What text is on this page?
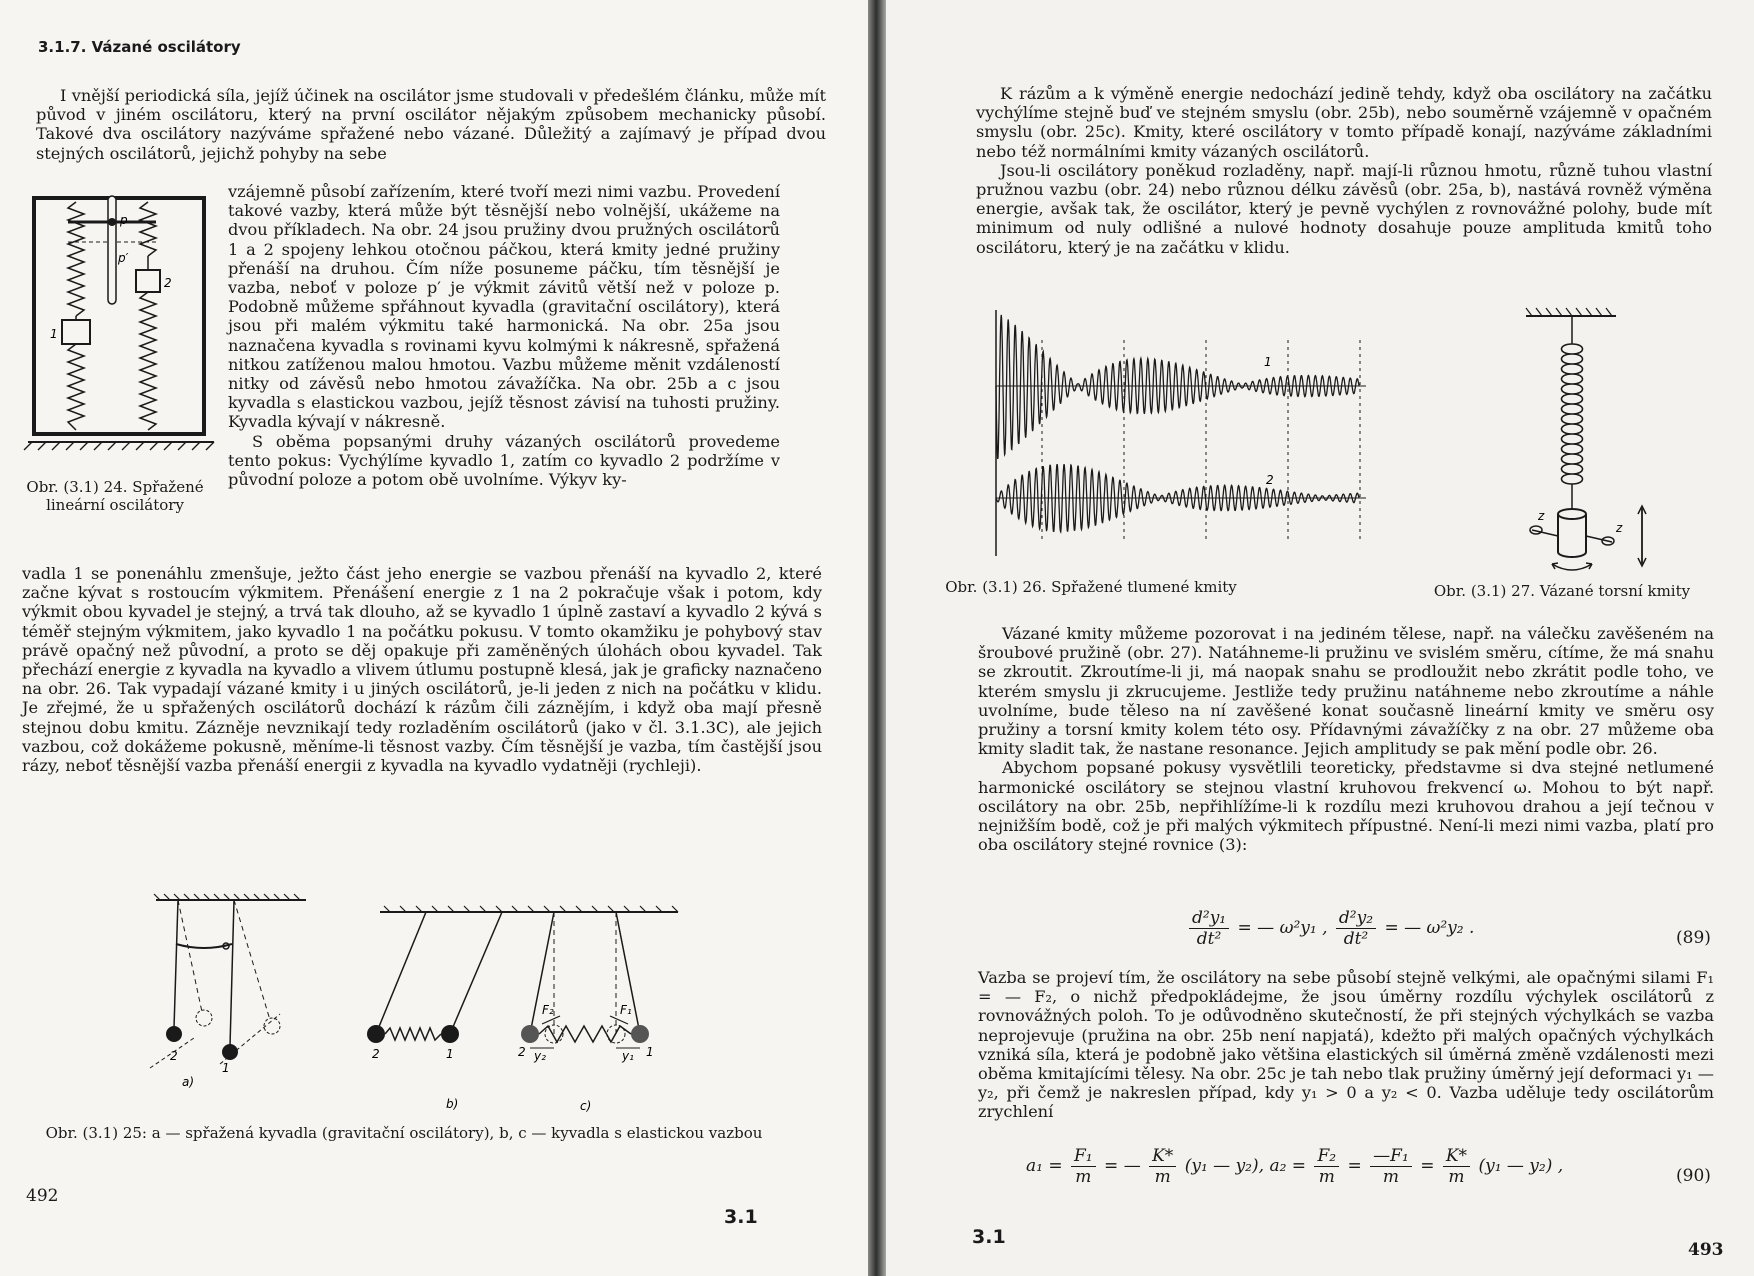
3.1.7. Vázané oscilátory

I vnější periodická síla, jejíž účinek na oscilátor jsme studovali v předešlém článku, může mít původ v jiném oscilátoru, který na první oscilátor nějakým způsobem mechanicky působí. Takové dva oscilátory nazýváme spřažené nebo vázané. Důležitý a zajímavý je případ dvou stejných oscilátorů, jejichž pohyby na sebe

p
p′
2
1
Obr. (3.1) 24. Spřažené lineární oscilátory

vzájemně působí zařízením, které tvoří mezi nimi vazbu. Provedení takové vazby, která může být těsnější nebo volnější, ukážeme na dvou příkladech. Na obr. 24 jsou pružiny dvou pružných oscilátorů 1 a 2 spojeny lehkou otočnou páčkou, která kmity jedné pružiny přenáší na druhou. Čím níže posuneme páčku, tím těsnější je vazba, neboť v poloze p′ je výkmit závitů větší než v poloze p. Podobně můžeme spřáhnout kyvadla (gravitační oscilátory), která jsou při malém výkmitu také harmonická. Na obr. 25a jsou naznačena kyvadla s rovinami kyvu kolmými k nákresně, spřažená nitkou zatíženou malou hmotou. Vazbu můžeme měnit vzdáleností nitky od závěsů nebo hmotou závažíčka. Na obr. 25b a c jsou kyvadla s elastickou vazbou, jejíž těsnost závisí na tuhosti pružiny. Kyvadla kývají v nákresně.

S oběma popsanými druhy vázaných oscilátorů provedeme tento pokus: Vychýlíme kyvadlo 1, zatím co kyvadlo 2 podržíme v původní poloze a potom obě uvolníme. Výkyv ky-

vadla 1 se ponenáhlu zmenšuje, ježto část jeho energie se vazbou přenáší na kyvadlo 2, které začne kývat s rostoucím výkmitem. Přenášení energie z 1 na 2 pokračuje však i potom, kdy výkmit obou kyvadel je stejný, a trvá tak dlouho, až se kyvadlo 1 úplně zastaví a kyvadlo 2 kývá s téměř stejným výkmitem, jako kyvadlo 1 na počátku pokusu. V tomto okamžiku je pohybový stav právě opačný než původní, a proto se děj opakuje při zaměněných úlohách obou kyvadel. Tak přechází energie z kyvadla na kyvadlo a vlivem útlumu postupně klesá, jak je graficky naznačeno na obr. 26. Tak vypadají vázané kmity i u jiných oscilátorů, je-li jeden z nich na počátku v klidu. Je zřejmé, že u spřažených oscilátorů dochází k rázům čili záznějím, i když oba mají přesně stejnou dobu kmitu. Zázněje nevznikají tedy rozladěním oscilátorů (jako v čl. 3.1.3C), ale jejich vazbou, což dokážeme pokusně, měníme-li těsnost vazby. Čím těsnější je vazba, tím častější jsou rázy, neboť těsnější vazba přenáší energii z kyvadla na kyvadlo vydatněji (rychleji).

2
1
a)
2	1
b)
F₂	F₁
y₂	y₁
2	1
c)
Obr. (3.1) 25: a — spřažená kyvadla (gravitační oscilátory), b, c — kyvadla s elastickou vazbou
492
3.1

K rázům a k výměně energie nedochází jedině tehdy, když oba oscilátory na začátku vychýlíme stejně buď ve stejném smyslu (obr. 25b), nebo souměrně vzájemně v opačném smyslu (obr. 25c). Kmity, které oscilátory v tomto případě konají, nazýváme základními nebo též normálními kmity vázaných oscilátorů.

Jsou-li oscilátory poněkud rozladěny, např. mají-li různou hmotu, různě tuhou vlastní pružnou vazbu (obr. 24) nebo různou délku závěsů (obr. 25a, b), nastává rovněž výměna energie, avšak tak, že oscilátor, který je pevně vychýlen z rovnovážné polohy, bude mít minimum od nuly odlišné a nulové hodnoty dosahuje pouze amplituda kmitů toho oscilátoru, který je na začátku v klidu.

1
2
z
z
Obr. (3.1) 26. Spřažené tlumené kmity	Obr. (3.1) 27. Vázané torsní kmity

Vázané kmity můžeme pozorovat i na jediném tělese, např. na válečku zavěšeném na šroubové pružině (obr. 27). Natáhneme-li pružinu ve svislém směru, cítíme, že má snahu se zkroutit. Zkroutíme-li ji, má naopak snahu se prodloužit nebo zkrátit podle toho, ve kterém smyslu ji zkrucujeme. Jestliže tedy pružinu natáhneme nebo zkroutíme a náhle uvolníme, bude těleso na ní zavěšené konat současně lineární kmity ve směru osy pružiny a torsní kmity kolem této osy. Přídavnými závažíčky z na obr. 27 můžeme oba kmity sladit tak, že nastane resonance. Jejich amplitudy se pak mění podle obr. 26.

Abychom popsané pokusy vysvětlili teoreticky, představme si dva stejné netlumené harmonické oscilátory se stejnou vlastní kruhovou frekvencí ω. Mohou to být např. oscilátory na obr. 25b, nepřihlížíme-li k rozdílu mezi kruhovou drahou a její tečnou v nejnižším bodě, což je při malých výkmitech přípustné. Není-li mezi nimi vazba, platí pro oba oscilátory stejné rovnice (3):

$\frac{\text{d²y₁}}{\text{dt²}}$ = — ω²y₁ , $\frac{\text{d²y₂}}{\text{dt²}}$ = — ω²y₂ .	(89)

Vazba se projeví tím, že oscilátory na sebe působí stejně velkými, ale opačnými silami F₁ = — F₂, o nichž předpokládejme, že jsou úměrny rozdílu výchylek oscilátorů z rovnovážných poloh. To je odůvodněno skutečností, že při stejných výchylkách se vazba neprojevuje (pružina na obr. 25b není napjatá), kdežto při malých opačných výchylkách vzniká síla, která je podobně jako většina elastických sil úměrná změně vzdálenosti mezi oběma kmitajícími tělesy. Na obr. 25c je tah nebo tlak pružiny úměrný její deformaci y₁ — y₂, při čemž je nakreslen případ, kdy y₁ > 0 a y₂ < 0. Vazba uděluje tedy oscilátorům zrychlení

$a_1 = \frac{\text{F₁}}{m}$ = — $\frac{K*}{m} (y_1$ — y₂), $a_2 = \frac{\text{F₂}}{m} = \frac{\text{—F₁}}{m} = \frac{K*}{m} (y_1$ — y₂) ,	(90)
3.1
493
